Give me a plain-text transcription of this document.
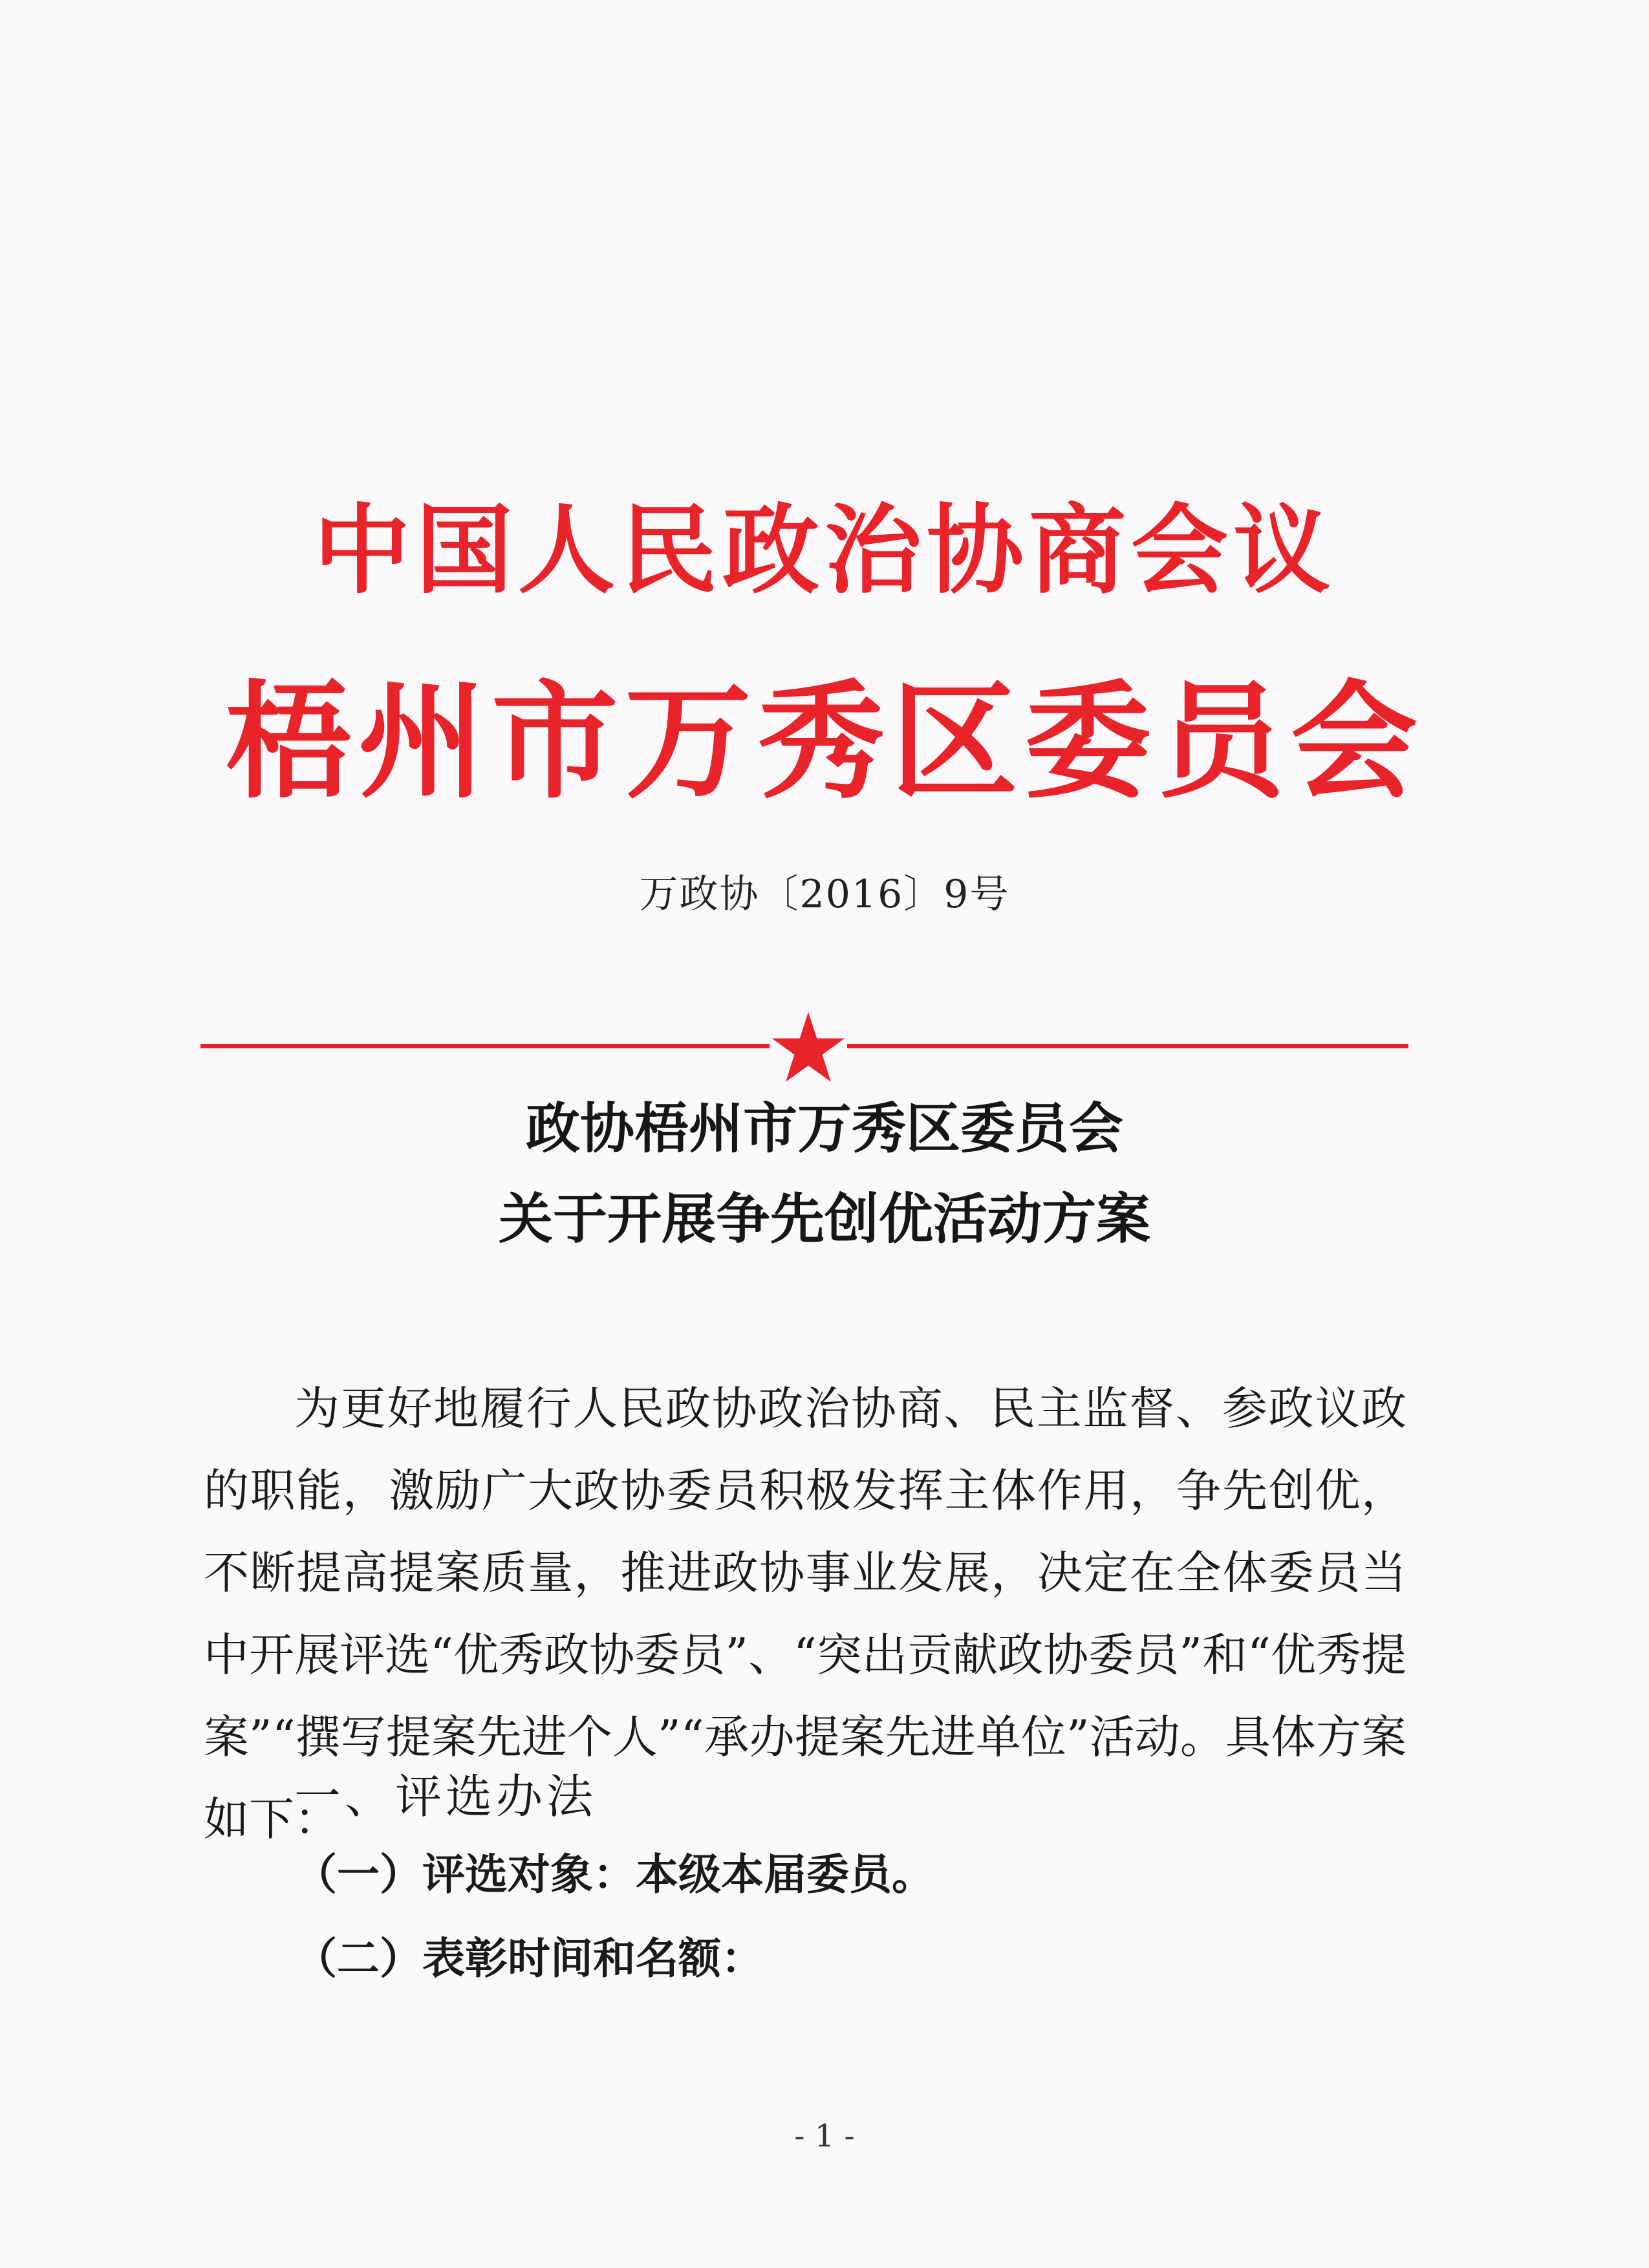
中国人民政治协商会议
梧州市万秀区委员会
万政协〔2016〕9号
政协梧州市万秀区委员会
关于开展争先创优活动方案

为更好地履行人民政协政治协商、民主监督、参政议政的职能，激励广大政协委员积极发挥主体作用，争先创优，不断提高提案质量，推进政协事业发展，决定在全体委员当中开展评选“优秀政协委员”、“突出贡献政协委员”和“优秀提案”“撰写提案先进个人”“承办提案先进单位”活动。具体方案如下：

一、评选办法
（一）评选对象：本级本届委员。
（二）表彰时间和名额：
- 1 -
